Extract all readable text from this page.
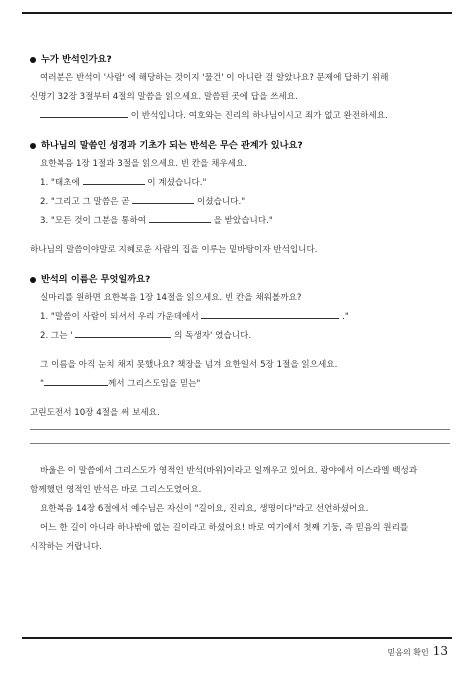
누가 반석인가요?

여러분은 반석이 '사람' 에 해당하는 것이지 '물건' 이 아니란 걸 알았나요? 문제에 답하기 위해

신명기 32장 3절부터 4절의 말씀을 읽으세요. 말씀된 곳에 답을 쓰세요.

이 반석입니다. 여호와는 진리의 하나님이시고 죄가 없고 완전하세요.

하나님의 말씀인 성경과 기초가 되는 반석은 무슨 관계가 있나요?

요한복음 1장 1절과 3절을 읽으세요. 빈 칸을 채우세요.

1. "태초에	이 계셨습니다."

2. "그리고 그 말씀은 곧	이셨습니다."

3. "모든 것이 그분을 통하여	을 받았습니다."

하나님의 말씀이야말로 지혜로운 사람의 집을 이루는 밑바탕이자 반석입니다.

반석의 이름은 무엇일까요?

실마리를 원하면 요한복음 1장 14절을 읽으세요. 빈 칸을 채워볼까요?

1. "말씀이 사람이 되셔서 우리 가운데에서	."

2. 그는 '	의 독생자' 였습니다.

그 이름을 아직 눈치 채지 못했나요? 책장을 넘겨 요한일서 5장 1절을 읽으세요.

"	께서 그리스도임을 믿는"

고린도전서 10장 4절을 써 보세요.

바울은 이 말씀에서 그리스도가 영적인 반석(바위)이라고 일깨우고 있어요. 광야에서 이스라엘 백성과

함께했던 영적인 반석은 바로 그리스도였어요.

요한복음 14장 6절에서 예수님은 자신이 "길이요, 진리요, 생명이다"라고 선언하셨어요.

어느 한 길이 아니라 하나밖에 없는 길이라고 하셨어요! 바로 여기에서 첫째 기둥, 즉 믿음의 원리를

시작하는 거랍니다.

믿음의 확인 13
